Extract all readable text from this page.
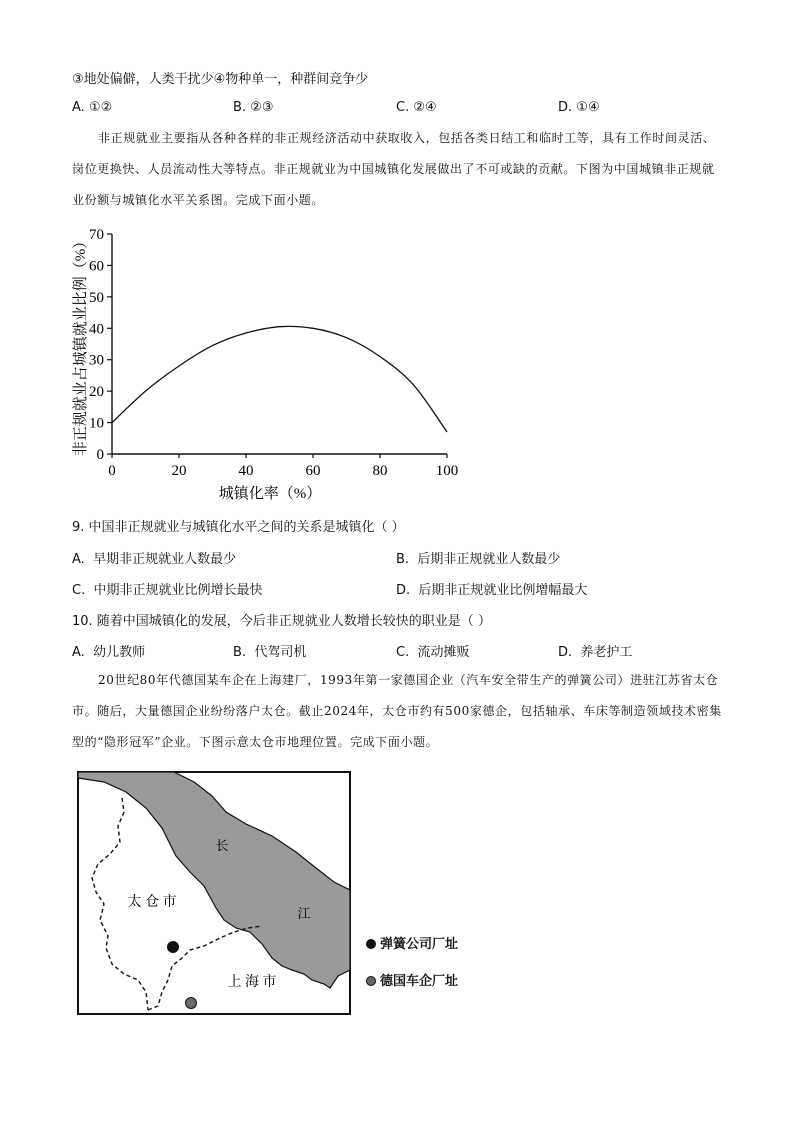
③地处偏僻，人类干扰少④物种单一，种群间竞争少
A. ①②	B. ②③	C. ②④	D. ①④
非正规就业主要指从各种各样的非正规经济活动中获取收入，包括各类日结工和临时工等，具有工作时间灵活、岗位更换快、人员流动性大等特点。非正规就业为中国城镇化发展做出了不可或缺的贡献。下图为中国城镇非正规就业份额与城镇化水平关系图。完成下面小题。
0
10
20
30
40
50
60
70
0	20	40	60	80	100
城镇化率（%）
非正规就业占城镇就业比例（%）
9. 中国非正规就业与城镇化水平之间的关系是城镇化（ ）
A. 早期非正规就业人数最少	B. 后期非正规就业人数最少
C. 中期非正规就业比例增长最快	D. 后期非正规就业比例增幅最大
10. 随着中国城镇化的发展，今后非正规就业人数增长较快的职业是（ ）
A. 幼儿教师	B. 代驾司机	C. 流动摊贩	D. 养老护工
20世纪80年代德国某车企在上海建厂，1993年第一家德国企业（汽车安全带生产的弹簧公司）进驻江苏省太仓市。随后，大量德国企业纷纷落户太仓。截止2024年，太仓市约有500家德企，包括轴承、车床等制造领域技术密集型的“隐形冠军”企业。下图示意太仓市地理位置。完成下面小题。
长
江
太 仓 市
上 海 市
弹簧公司厂址
德国车企厂址
